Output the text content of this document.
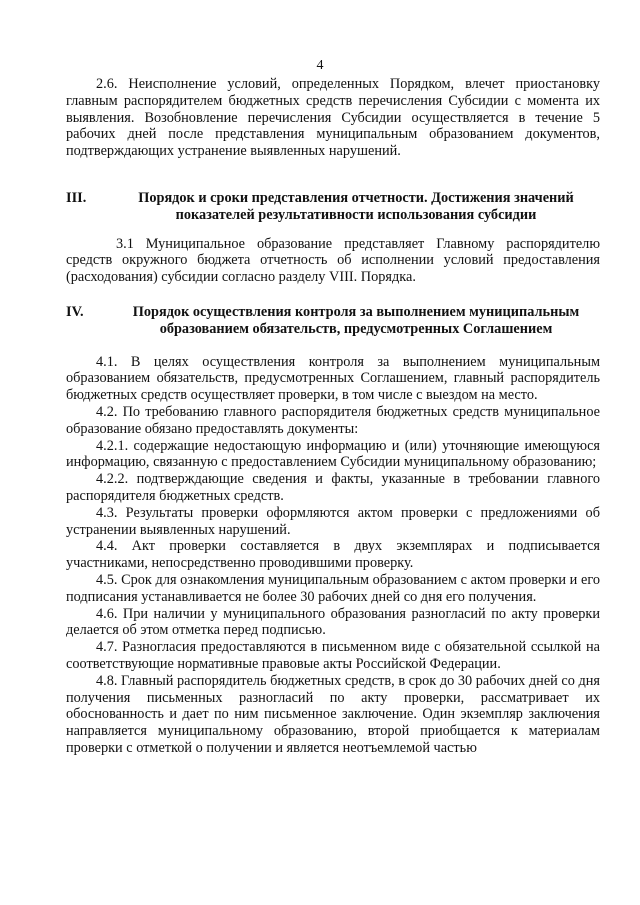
4

2.6. Неисполнение условий, определенных Порядком, влечет приостановку главным распорядителем бюджетных средств перечисления Субсидии с момента их выявления. Возобновление перечисления Субсидии осуществляется в течение 5 рабочих дней после представления муниципальным образованием документов, подтверждающих устранение выявленных нарушений.

III.	Порядок и сроки представления отчетности. Достижения значений показателей результативности использования субсидии

3.1 Муниципальное образование представляет Главному распорядителю средств окружного бюджета отчетность об исполнении условий предоставления (расходования) субсидии согласно разделу VIII. Порядка.

IV.	Порядок осуществления контроля за выполнением муниципальным образованием обязательств, предусмотренных Соглашением

4.1. В целях осуществления контроля за выполнением муниципальным образованием обязательств, предусмотренных Соглашением, главный распорядитель бюджетных средств осуществляет проверки, в том числе с выездом на место.

4.2. По требованию главного распорядителя бюджетных средств муниципальное образование обязано предоставлять документы:

4.2.1. содержащие недостающую информацию и (или) уточняющие имеющуюся информацию, связанную с предоставлением Субсидии муниципальному образованию;

4.2.2. подтверждающие сведения и факты, указанные в требовании главного распорядителя бюджетных средств.

4.3. Результаты проверки оформляются актом проверки с предложениями об устранении выявленных нарушений.

4.4. Акт проверки составляется в двух экземплярах и подписывается участниками, непосредственно проводившими проверку.

4.5. Срок для ознакомления муниципальным образованием с актом проверки и его подписания устанавливается не более 30 рабочих дней со дня его получения.

4.6. При наличии у муниципального образования разногласий по акту проверки делается об этом отметка перед подписью.

4.7. Разногласия предоставляются в письменном виде с обязательной ссылкой на соответствующие нормативные правовые акты Российской Федерации.

4.8. Главный распорядитель бюджетных средств, в срок до 30 рабочих дней со дня получения письменных разногласий по акту проверки, рассматривает их обоснованность и дает по ним письменное заключение. Один экземпляр заключения направляется муниципальному образованию, второй приобщается к материалам проверки с отметкой о получении и является неотъемлемой частью
